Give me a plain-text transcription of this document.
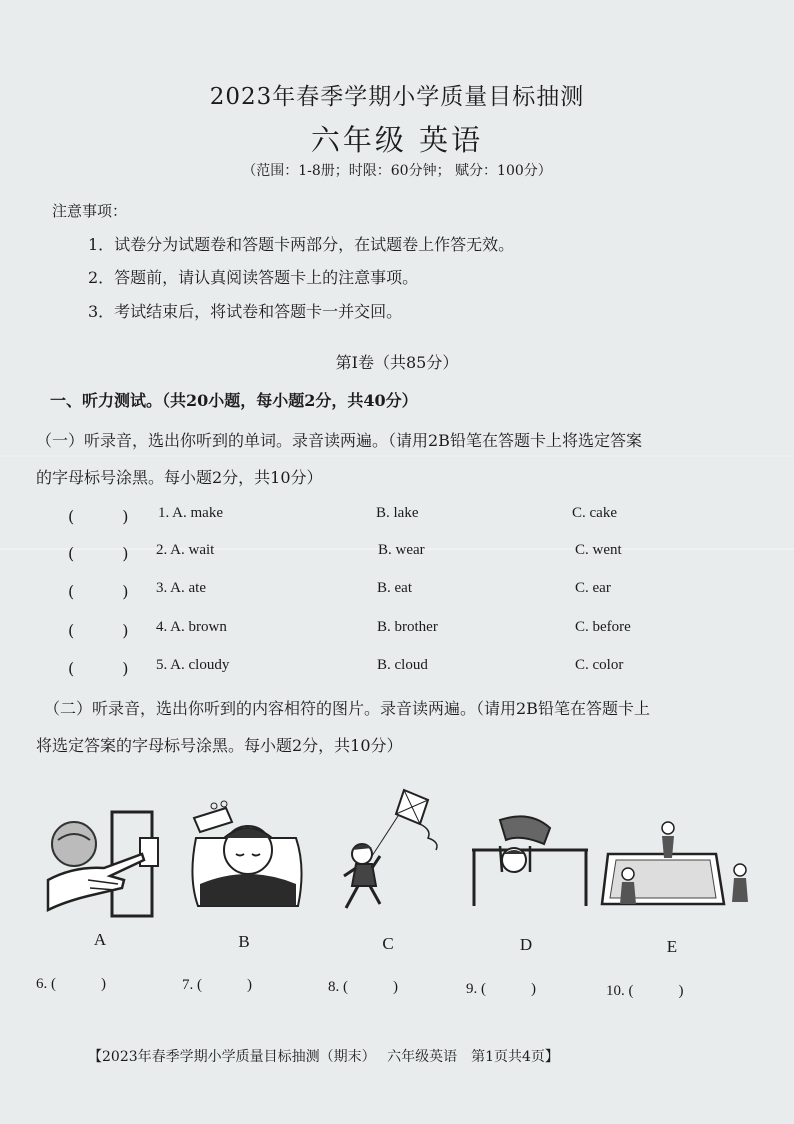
2023年春季学期小学质量目标抽测
六年级 英语
（范围：1-8册；时限：60分钟； 赋分：100分）
注意事项：
1．试卷分为试题卷和答题卡两部分，在试题卷上作答无效。
2．答题前，请认真阅读答题卡上的注意事项。
3．考试结束后，将试卷和答题卡一并交回。
第Ⅰ卷（共85分）
一、听力测试。（共20小题，每小题2分，共40分）
（一）听录音，选出你听到的单词。录音读两遍。（请用2B铅笔在答题卡上将选定答案
的字母标号涂黑。每小题2分，共10分）
(　　　) 1. A. make	B. lake	C. cake
(　　　) 2. A. wait	B. wear	C. went
(　　　) 3. A. ate	B. eat	C. ear
(　　　) 4. A. brown	B. brother	C. before
(　　　) 5. A. cloudy	B. cloud	C. color
（二）听录音，选出你听到的内容相符的图片。录音读两遍。（请用2B铅笔在答题卡上
将选定答案的字母标号涂黑。每小题2分，共10分）
A	B	C	D	E
6. (　　　)	7. (　　　)	8. (　　　)	9. (　　　)	10. (　　　)
【2023年春季学期小学质量目标抽测（期末）　 六年级英语　第1页共4页】
